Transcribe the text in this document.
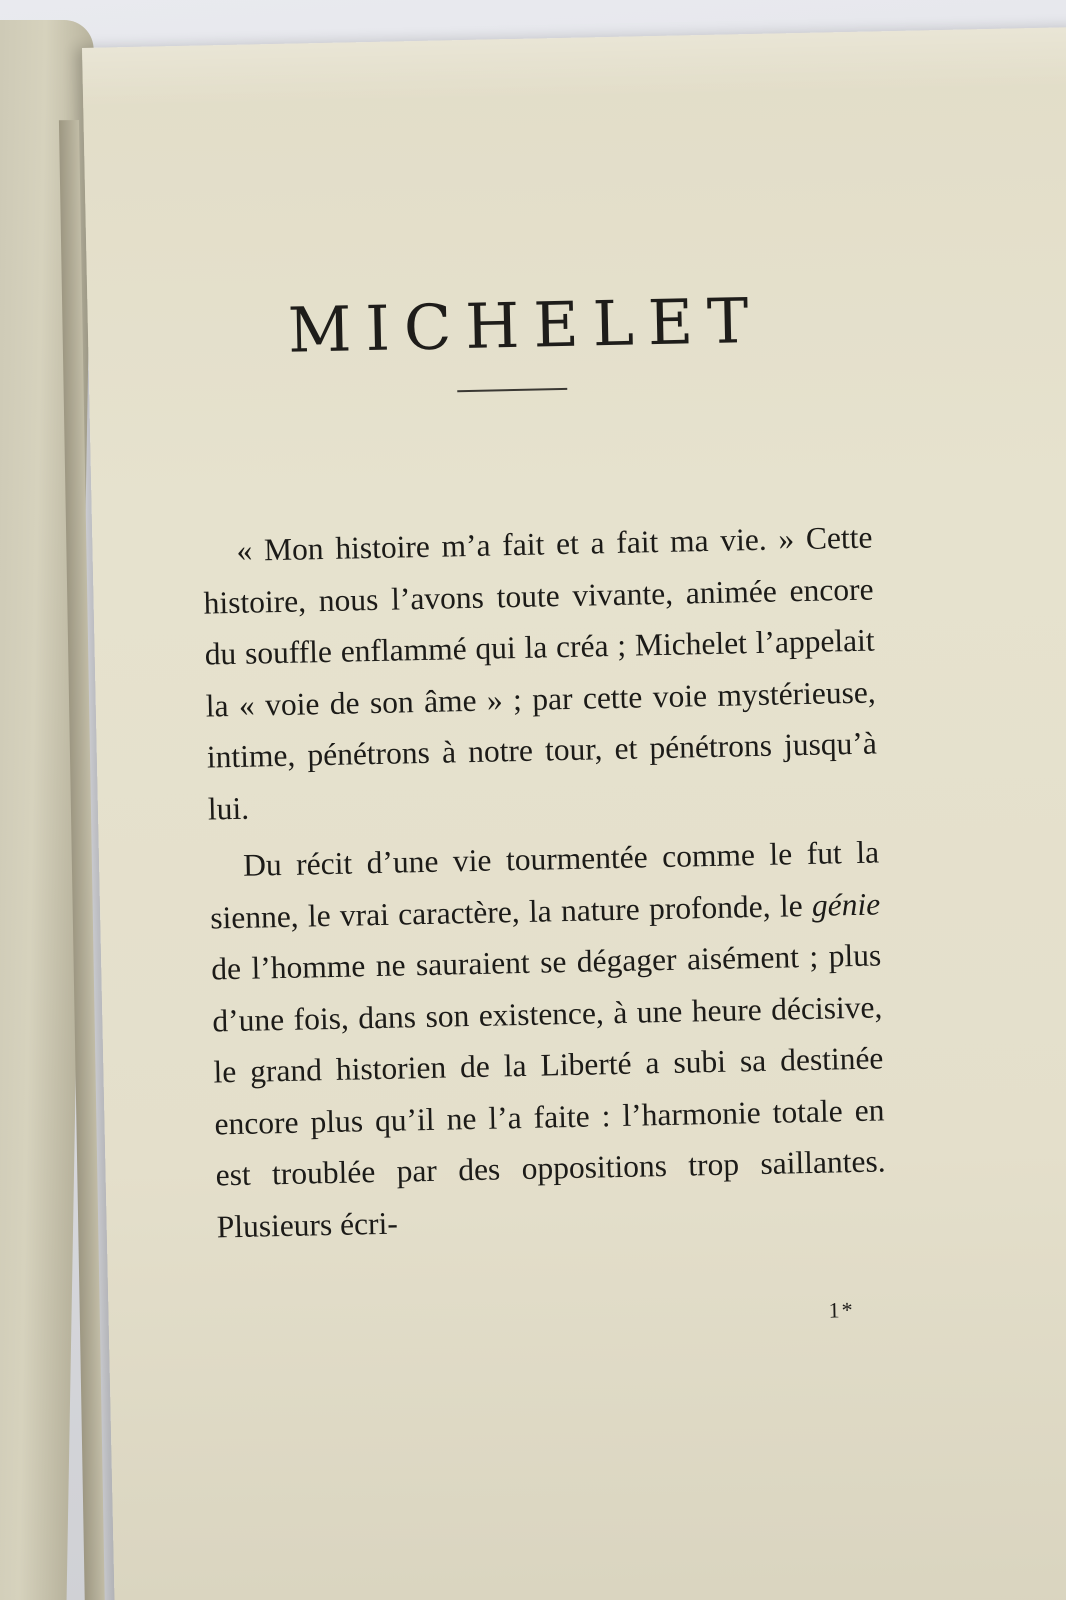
MICHELET

« Mon histoire m’a fait et a fait ma vie. » Cette histoire, nous l’avons toute vivante, animée encore du souffle enflammé qui la créa ; Michelet l’appelait la « voie de son âme » ; par cette voie mystérieuse, intime, pénétrons à notre tour, et pénétrons jusqu’à lui.

Du récit d’une vie tourmentée comme le fut la sienne, le vrai caractère, la nature profonde, le génie de l’homme ne sauraient se dégager aisément ; plus d’une fois, dans son existence, à une heure décisive, le grand historien de la Liberté a subi sa destinée encore plus qu’il ne l’a faite : l’harmonie totale en est troublée par des oppositions trop saillantes. Plusieurs écri-

1*
